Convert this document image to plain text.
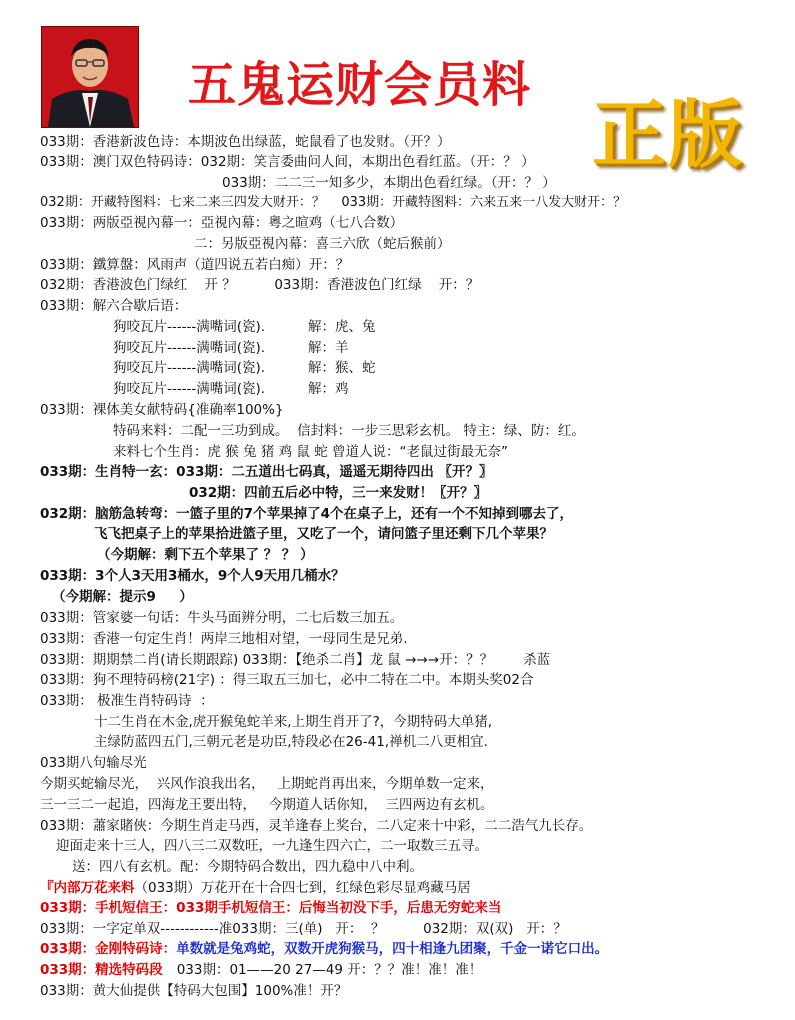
五鬼运财会员料
正版
033期：香港新波色诗：本期波色出绿蓝，蛇鼠看了也发财。（开？）
033期：澳门双色特码诗：032期：笑言委曲问人间，本期出色看红蓝。（开：？ ）
033期：二二三一知多少，本期出色看红绿。（开：？ ）
032期：开藏特图料：七来二来三四发大财开：？    033期：开藏特图料：六来五来一八发大财开：？
033期：两版亞視內幕一：亞視內幕：粵之暄鸡（七八合数）
二：另版亞視內幕：喜三六欣（蛇后猴前）
033期：鐵算盤：风雨声（道四说五若白痴）开：？
032期：香港波色门绿红    开 ？         033期：香港波色门红绿    开：？
033期：解六合歇后语：
狗咬瓦片------满嘴词(瓷).          解：虎、兔
狗咬瓦片------满嘴词(瓷).          解：羊
狗咬瓦片------满嘴词(瓷).          解：猴、蛇
狗咬瓦片------满嘴词(瓷).          解：鸡
033期：裸体美女献特码{准确率100%}
特码来料：二配一三功到成。  信封料：一步三思彩玄机。 特主：绿、防：红。
来料七个生肖：虎 猴 兔 猪 鸡 鼠 蛇 曾道人说：“老鼠过街最无奈”
033期：生肖特一玄：033期：二五道出七码真，遥遥无期待四出 〖开？〗
032期：四前五后必中特，三一来发财！〖开？〗
032期：脑筋急转弯：一篮子里的7个苹果掉了4个在桌子上，还有一个不知掉到哪去了，
飞飞把桌子上的苹果拾进篮子里，又吃了一个，请问篮子里还剩下几个苹果？
（今期解：剩下五个苹果了 ？ ？ ）
033期：3个人3天用3桶水，9个人9天用几桶水？
（今期解：提示9     ）
033期：管家婆一句话：牛头马面辨分明，二七后数三加五。
033期：香港一句定生肖！两岸三地相对望，一母同生是兄弟.
033期：期期禁二肖(请长期跟踪) 033期：【绝杀二肖】龙 鼠 →→→开：？？       杀蓝
033期：狗不理特码榜(21字) ：得三取五三加七，必中二特在二中。本期头奖02合
033期： 极准生肖特码诗  ：
十二生肖在木金,虎开猴兔蛇羊来,上期生肖开了?，今期特码大单猪,
主绿防蓝四五门,三朝元老是功臣,特段必在26-41,禅机二八更相宜.
033期八句输尽光
今期买蛇输尽光，  兴风作浪我出名，   上期蛇肖再出来，今期单数一定来，
三一三二一起追，四海龙王要出特，   今期道人话你知，  三四两边有玄机。
033期：蕭家賭俠：今期生肖走马西，灵羊逢春上奖台，二八定来十中彩，二二浩气九长存。
迎面走来十三人，四八三二双数旺，一九逢生四六亡，二一取数三五寻。
送：四八有玄机。配：今期特码合数出，四九稳中八中利。
『内部万花来料（033期）万花开在十合四七到，红绿色彩尽显鸡藏马居
033期：手机短信王：033期手机短信王：后悔当初没下手，后患无穷蛇来当
033期：一字定单双------------准033期：三(单)   开：  ？         032期：双(双)   开：？
033期：金刚特码诗：单数就是兔鸡蛇，双数开虎狗猴马，四十相逢九团聚，千金一诺它口出。
033期：精选特码段 033期：01——20 27—49 开：？？准！准！准！
033期：黄大仙提供【特码大包围】100%准！开？
